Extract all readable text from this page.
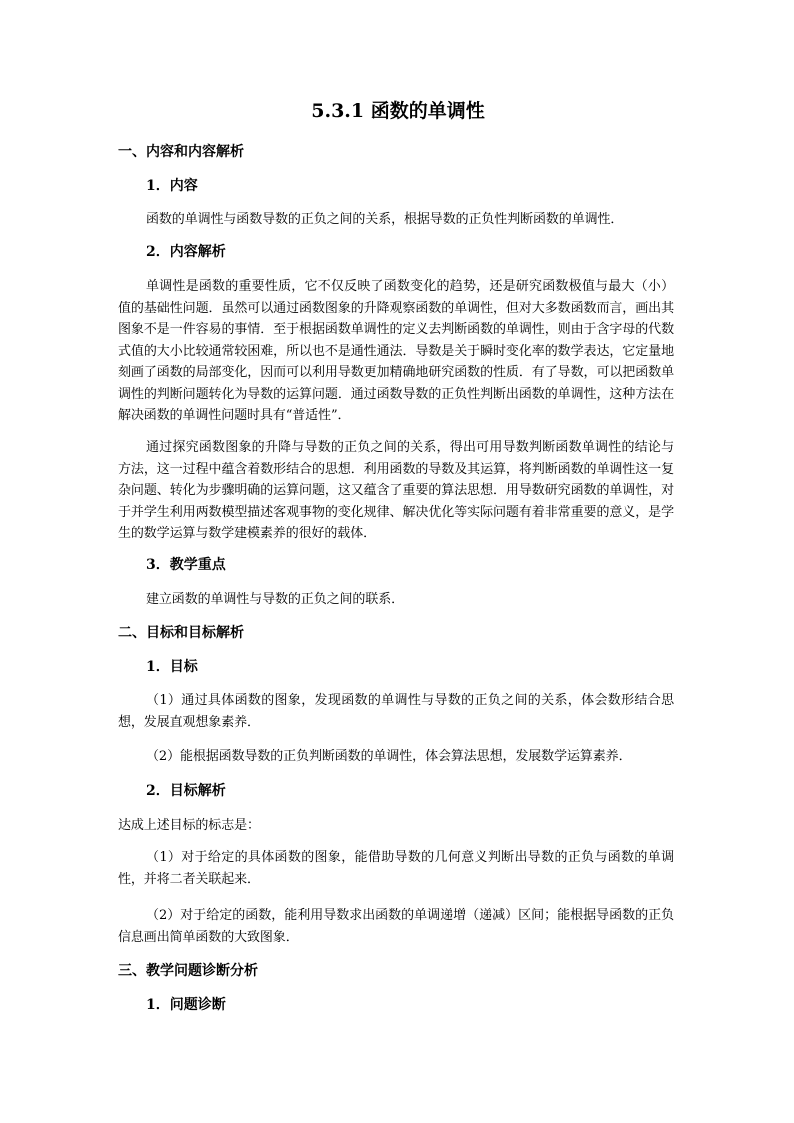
5.3.1 函数的单调性
一、内容和内容解析
1．内容
函数的单调性与函数导数的正负之间的关系，根据导数的正负性判断函数的单调性．
2．内容解析
单调性是函数的重要性质，它不仅反映了函数变化的趋势，还是研究函数极值与最大（小）值的基础性问题．虽然可以通过函数图象的升降观察函数的单调性，但对大多数函数而言，画出其图象不是一件容易的事情．至于根据函数单调性的定义去判断函数的单调性，则由于含字母的代数式值的大小比较通常较困难，所以也不是通性通法．导数是关于瞬时变化率的数学表达，它定量地刻画了函数的局部变化，因而可以利用导数更加精确地研究函数的性质．有了导数，可以把函数单调性的判断问题转化为导数的运算问题．通过函数导数的正负性判断出函数的单调性，这种方法在解决函数的单调性问题时具有“普适性”．
通过探究函数图象的升降与导数的正负之间的关系，得出可用导数判断函数单调性的结论与方法，这一过程中蕴含着数形结合的思想．利用函数的导数及其运算，将判断函数的单调性这一复杂问题、转化为步骤明确的运算问题，这又蕴含了重要的算法思想．用导数研究函数的单调性，对于并学生利用两数模型描述客观事物的变化规律、解决优化等实际问题有着非常重要的意义，是学生的数学运算与数学建模素养的很好的载体．
3．教学重点
建立函数的单调性与导数的正负之间的联系．
二、目标和目标解析
1．目标
（1）通过具体函数的图象，发现函数的单调性与导数的正负之间的关系，体会数形结合思想，发展直观想象素养．
（2）能根据函数导数的正负判断函数的单调性，体会算法思想，发展数学运算素养．
2．目标解析
达成上述目标的标志是：
（1）对于给定的具体函数的图象，能借助导数的几何意义判断出导数的正负与函数的单调性，并将二者关联起来．
（2）对于给定的函数，能利用导数求出函数的单调递增（递减）区间；能根据导函数的正负信息画出简单函数的大致图象．
三、教学问题诊断分析
1．问题诊断
